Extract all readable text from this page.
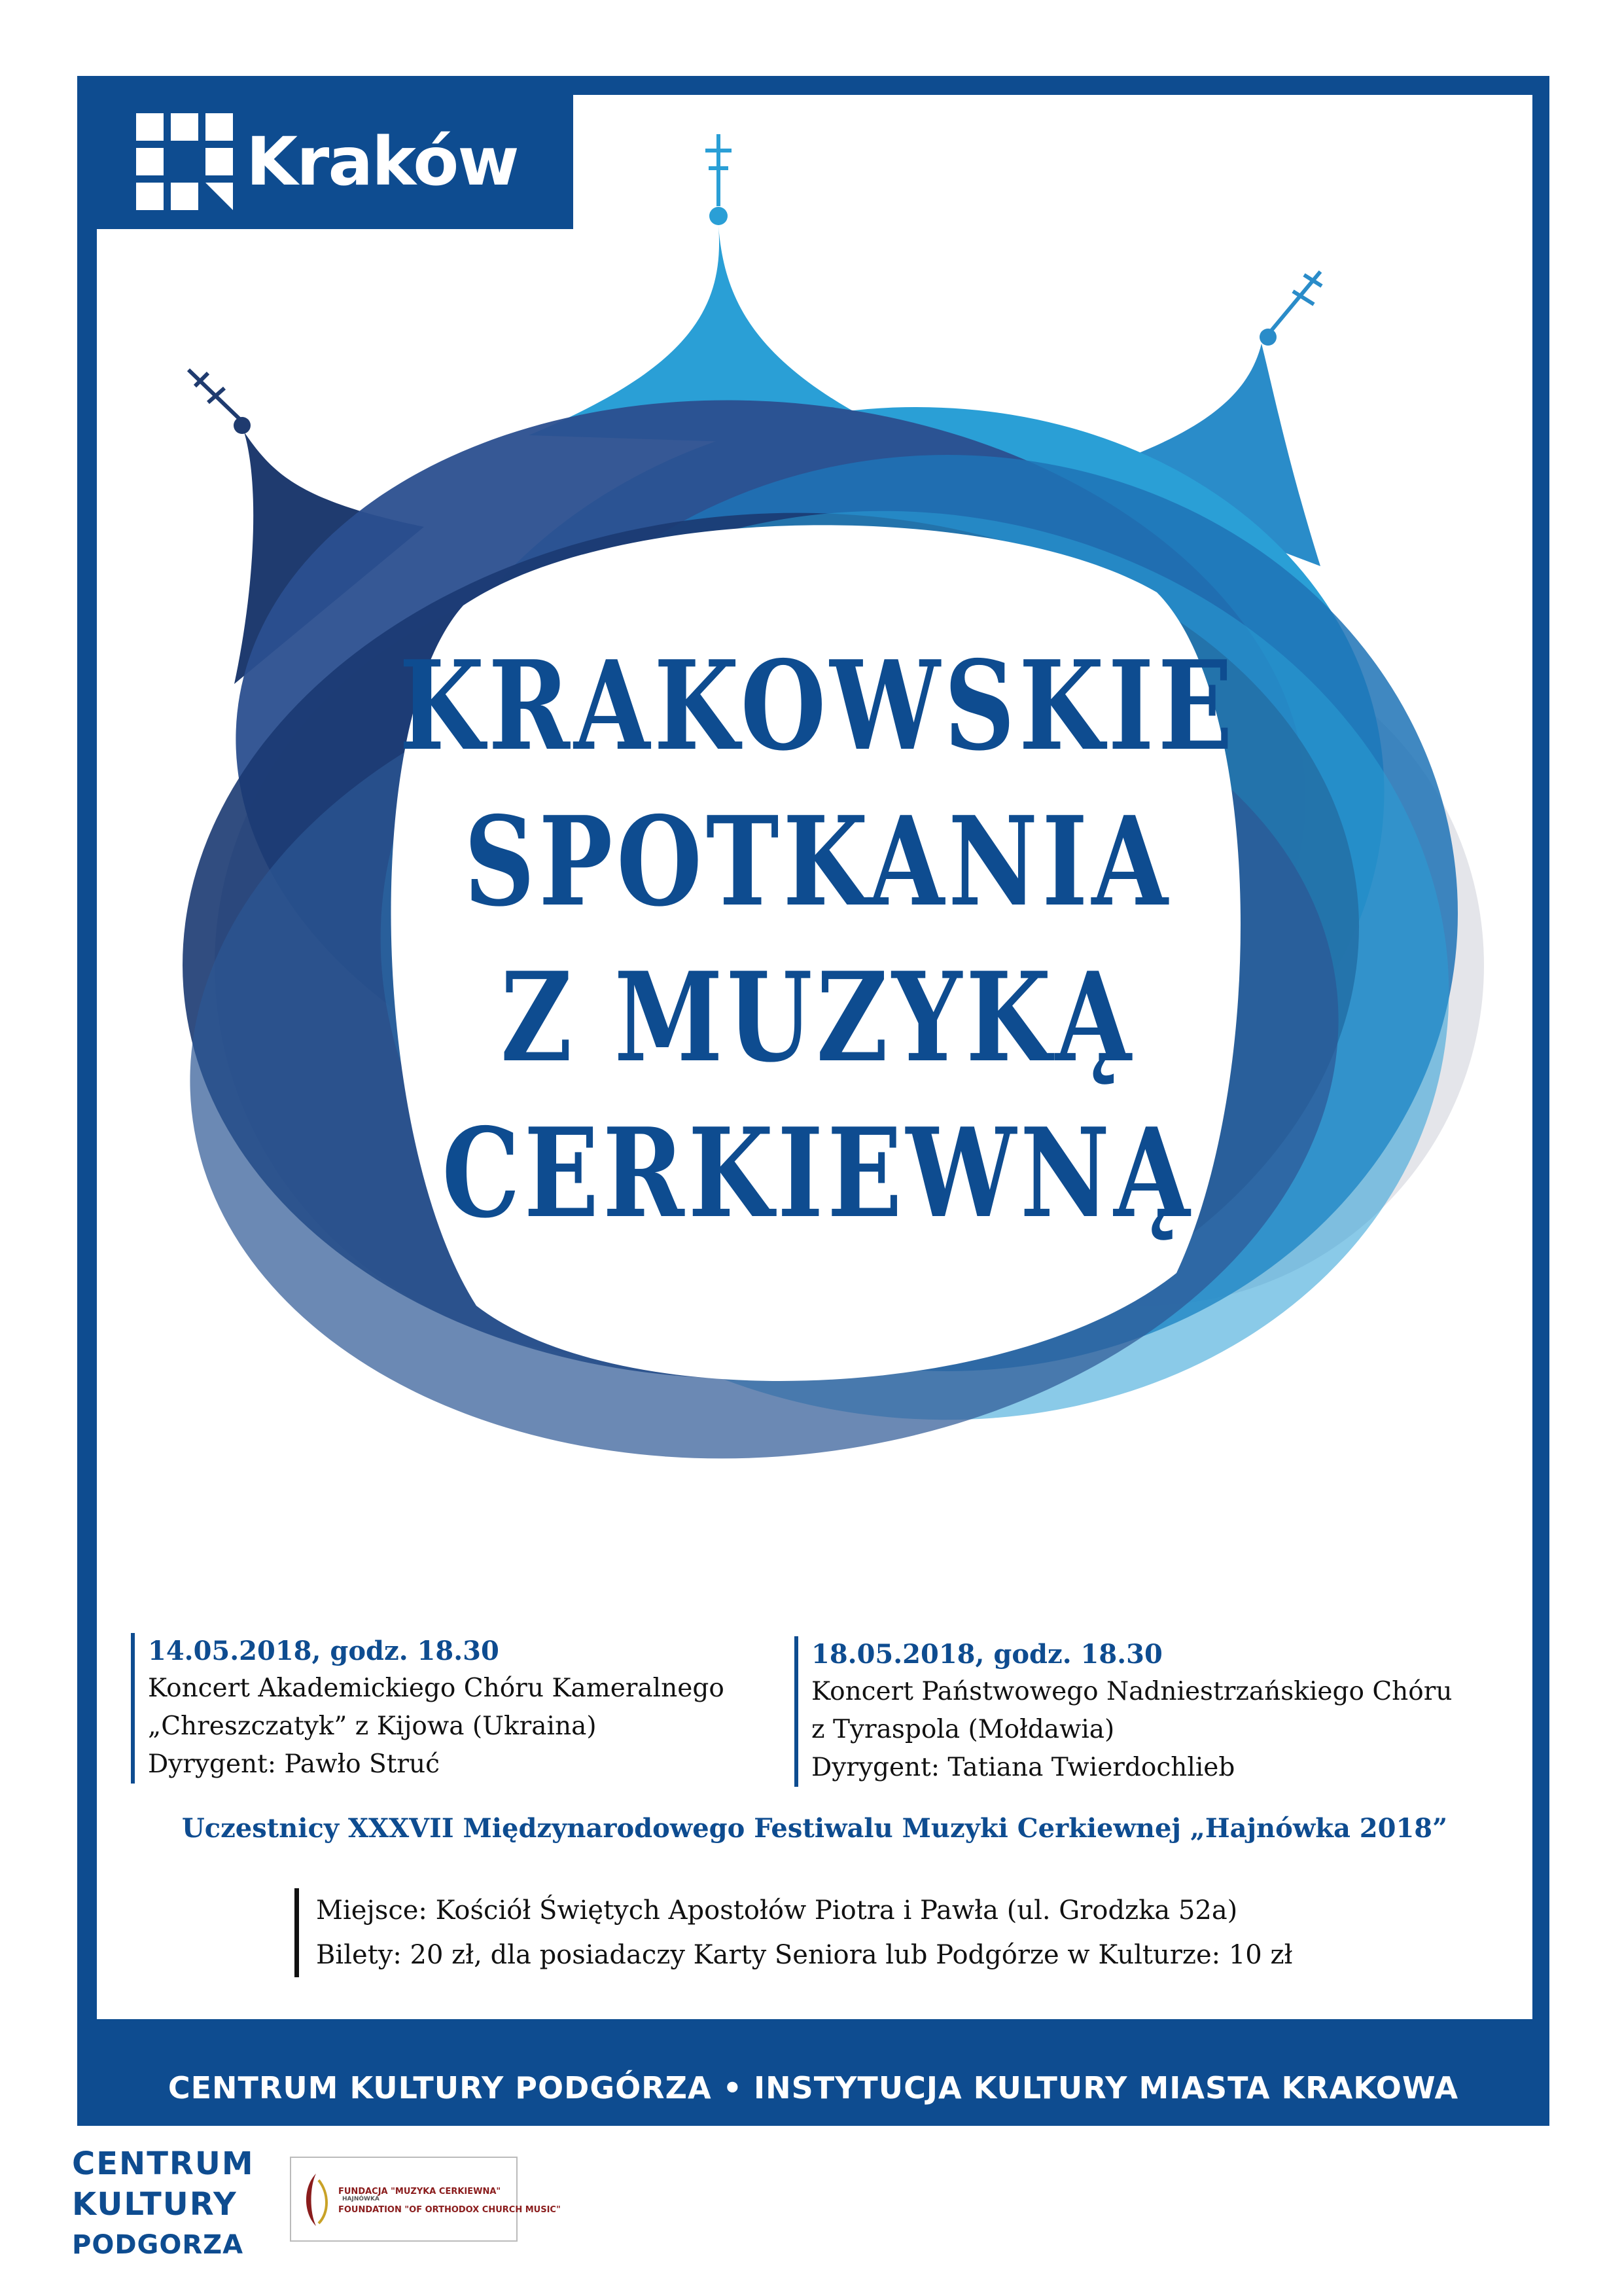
Kraków
KRAKOWSKIE
SPOTKANIA
Z MUZYKĄ
CERKIEWNĄ
14.05.2018, godz. 18.30
Koncert Akademickiego Chóru Kameralnego
„Chreszczatyk” z Kijowa (Ukraina)
Dyrygent: Pawło Struć
18.05.2018, godz. 18.30
Koncert Państwowego Nadniestrzańskiego Chóru
z Tyraspola (Mołdawia)
Dyrygent: Tatiana Twierdochlieb
Uczestnicy XXXVII Międzynarodowego Festiwalu Muzyki Cerkiewnej „Hajnówka 2018”
Miejsce: Kościół Świętych Apostołów Piotra i Pawła (ul. Grodzka 52a)
Bilety: 20 zł, dla posiadaczy Karty Seniora lub Podgórze w Kulturze: 10 zł
CENTRUM KULTURY PODGÓRZA • INSTYTUCJA KULTURY MIASTA KRAKOWA
CENTRUM
KULTURY
PODGORZA
FUNDACJA "MUZYKA CERKIEWNA"
HAJNÓWKA
FOUNDATION "OF ORTHODOX CHURCH MUSIC"
